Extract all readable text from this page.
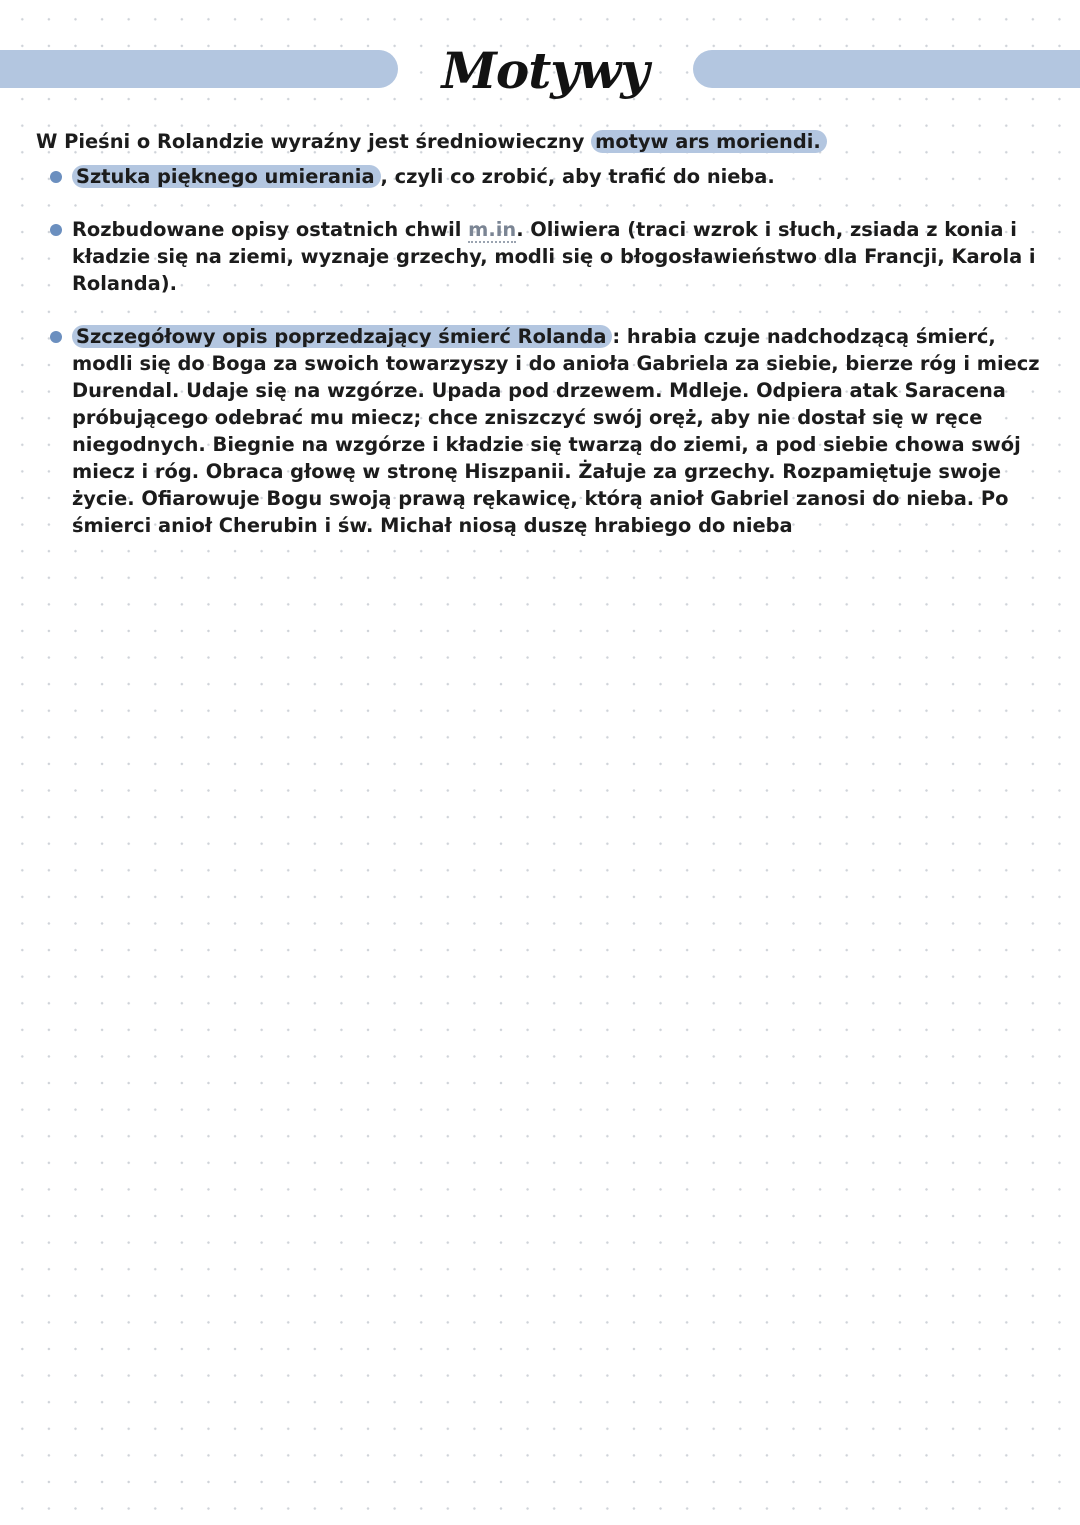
Motywy

W Pieśni o Rolandzie wyraźny jest średniowieczny motyw ars moriendi.

Sztuka pięknego umierania , czyli co zrobić, aby trafić do nieba.

Rozbudowane opisy ostatnich chwil m.in. Oliwiera (traci wzrok i słuch, zsiada z konia i kładzie się na ziemi, wyznaje grzechy, modli się o błogosławieństwo dla Francji, Karola i Rolanda).

Szczegółowy opis poprzedzający śmierć Rolanda : hrabia czuje nadchodzącą śmierć, modli się do Boga za swoich towarzyszy i do anioła Gabriela za siebie, bierze róg i miecz Durendal. Udaje się na wzgórze. Upada pod drzewem. Mdleje. Odpiera atak Saracena próbującego odebrać mu miecz; chce zniszczyć swój oręż, aby nie dostał się w ręce niegodnych. Biegnie na wzgórze i kładzie się twarzą do ziemi, a pod siebie chowa swój miecz i róg. Obraca głowę w stronę Hiszpanii. Żałuje za grzechy. Rozpamiętuje swoje życie. Ofiarowuje Bogu swoją prawą rękawicę, którą anioł Gabriel zanosi do nieba. Po śmierci anioł Cherubin i św. Michał niosą duszę hrabiego do nieba
